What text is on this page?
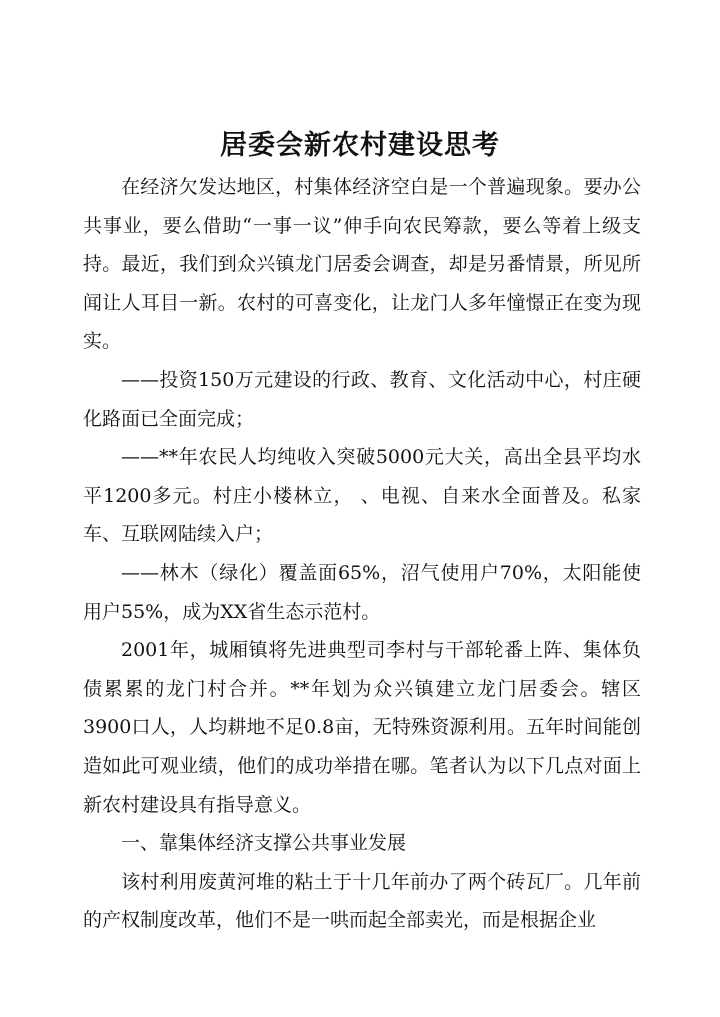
居委会新农村建设思考

在经济欠发达地区，村集体经济空白是一个普遍现象。要办公共事业，要么借助“一事一议”伸手向农民筹款，要么等着上级支持。最近，我们到众兴镇龙门居委会调查，却是另番情景，所见所闻让人耳目一新。农村的可喜变化，让龙门人多年憧憬正在变为现实。

——投资150万元建设的行政、教育、文化活动中心，村庄硬化路面已全面完成；

——**年农民人均纯收入突破5000元大关，高出全县平均水平1200多元。村庄小楼林立， 、电视、自来水全面普及。私家车、互联网陆续入户；

——林木（绿化）覆盖面65%，沼气使用户70%，太阳能使用户55%，成为XX省生态示范村。

2001年，城厢镇将先进典型司李村与干部轮番上阵、集体负债累累的龙门村合并。**年划为众兴镇建立龙门居委会。辖区3900口人，人均耕地不足0.8亩，无特殊资源利用。五年时间能创造如此可观业绩，他们的成功举措在哪。笔者认为以下几点对面上新农村建设具有指导意义。

一、靠集体经济支撑公共事业发展

该村利用废黄河堆的粘土于十几年前办了两个砖瓦厂。几年前的产权制度改革，他们不是一哄而起全部卖光，而是根据企业
